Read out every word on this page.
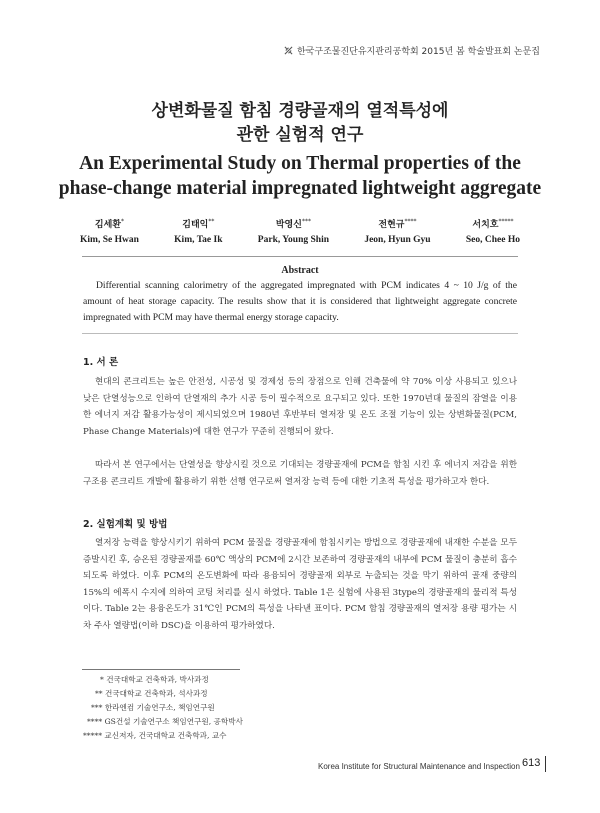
한국구조물진단유지관리공학회 2015년 봄 학술발표회 논문집
상변화물질 함침 경량골재의 열적특성에
관한 실험적 연구
An Experimental Study on Thermal properties of the
phase-change material impregnated lightweight aggregate
김세환*
Kim, Se Hwan
김태익**
Kim, Tae Ik
박영신***
Park, Young Shin
전현규****
Jeon, Hyun Gyu
서치호*****
Seo, Chee Ho
Abstract
Differential scanning calorimetry of the aggregated impregnated with PCM indicates 4 ~ 10 J/g of the amount of heat storage capacity. The results show that it is considered that lightweight aggregate concrete impregnated with PCM may have thermal energy storage capacity.
1. 서 론
현대의 콘크리트는 높은 안전성, 시공성 및 경제성 등의 장점으로 인해 건축물에 약 70% 이상 사용되고 있으나 낮은 단열성능으로 인하여 단열재의 추가 시공 등이 필수적으로 요구되고 있다. 또한 1970년대 물질의 잠열을 이용한 에너지 저감 활용가능성이 제시되었으며 1980년 후반부터 열저장 및 온도 조절 기능이 있는 상변화물질(PCM, Phase Change Materials)에 대한 연구가 꾸준히 진행되어 왔다.
따라서 본 연구에서는 단열성을 향상시킬 것으로 기대되는 경량골재에 PCM을 함침 시킨 후 에너지 저감을 위한 구조용 콘크리트 개발에 활용하기 위한 선행 연구로써 열저장 능력 등에 대한 기초적 특성을 평가하고자 한다.
2. 실험계획 및 방법
열저장 능력을 향상시키기 위하여 PCM 물질을 경량골재에 함침시키는 방법으로 경량골재에 내재한 수분을 모두 증발시킨 후, 승온된 경량골재를 60℃ 액상의 PCM에 2시간 보존하여 경량골재의 내부에 PCM 물질이 충분히 흡수되도록 하였다. 이후 PCM의 온도변화에 따라 용융되어 경량골재 외부로 누출되는 것을 막기 위하여 골재 중량의 15%의 에폭시 수지에 의하여 코팅 처리를 실시 하였다. Table 1은 실험에 사용된 3type의 경량골재의 물리적 특성이다. Table 2는 용융온도가 31℃인 PCM의 특성을 나타낸 표이다. PCM 함침 경량골재의 열저장 용량 평가는 시차 주사 열량법(이하 DSC)을 이용하여 평가하였다.
* 건국대학교 건축학과, 박사과정
** 건국대학교 건축학과, 석사과정
*** 한라엔컴 기술연구소, 책임연구원
**** GS건설 기술연구소 책임연구원, 공학박사
***** 교신저자, 건국대학교 건축학과, 교수
Korea Institute for Structural Maintenance and Inspection 613
